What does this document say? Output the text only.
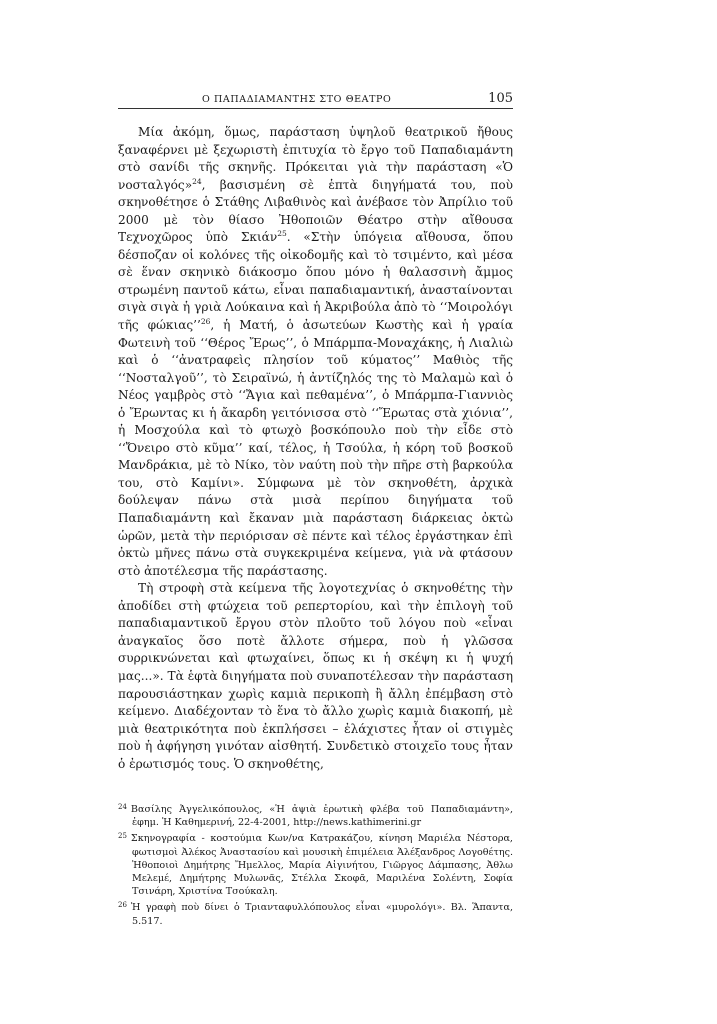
Ο ΠΑΠΑΔΙΑΜΑΝΤΗΣ ΣΤΟ ΘΕΑΤΡΟ	105

Μία ἀκόμη, ὅμως, παράσταση ὑψηλοῦ θεατρικοῦ ἤθους ξαναφέρνει μὲ ξεχωριστὴ ἐπιτυχία τὸ ἔργο τοῦ Παπαδιαμάντη στὸ σανίδι τῆς σκηνῆς. Πρόκειται γιὰ τὴν παράσταση «Ὁ νοσταλγός»$^{24}$, βασισμένη σὲ ἑπτὰ διηγήματά του, ποὺ σκηνοθέτησε ὁ Στάθης Λιβαθινὸς καὶ ἀνέβασε τὸν Ἀπρίλιο τοῦ 2000 μὲ τὸν θίασο Ἠθοποιῶν Θέατρο στὴν αἴθουσα Τεχνοχῶρος ὑπὸ Σκιάν$^{25}$. «Στὴν ὑπόγεια αἴθουσα, ὅπου δέσποζαν οἱ κολόνες τῆς οἰκοδομῆς καὶ τὸ τσιμέντο, καὶ μέσα σὲ ἕναν σκηνικὸ διάκοσμο ὅπου μόνο ἡ θαλασσινὴ ἄμμος στρωμένη παντοῦ κάτω, εἶναι παπαδιαμαντική, ἀνασταίνονται σιγὰ σιγὰ ἡ γριὰ Λούκαινα καὶ ἡ Ἀκριβούλα ἀπὸ τὸ ‘‘Μοιρολόγι τῆς φώκιας’’$^{26}$, ἡ Ματή, ὁ ἀσωτεύων Κωστὴς καὶ ἡ γραία Φωτεινὴ τοῦ ‘‘Θέρος Ἔρως’’, ὁ Μπάρμπα-Μοναχάκης, ἡ Λιαλιὼ καὶ ὁ ‘‘ἀνατραφεὶς πλησίον τοῦ κύματος’’ Μαθιὸς τῆς ‘‘Νοσταλγοῦ’’, τὸ Σειραϊνώ, ἡ ἀντίζηλός της τὸ Μαλαμὼ καὶ ὁ Νέος γαμβρὸς στὸ ‘‘Ἄγια καὶ πεθαμένα’’, ὁ Μπάρμπα-Γιαννιὸς ὁ Ἔρωντας κι ἡ ἄκαρδη γειτόνισσα στὸ ‘‘Ἔρωτας στὰ χιόνια’’, ἡ Μοσχούλα καὶ τὸ φτωχὸ βοσκόπουλο ποὺ τὴν εἶδε στὸ ‘‘Ὄνειρο στὸ κῦμα’’ καί, τέλος, ἡ Τσούλα, ἡ κόρη τοῦ βοσκοῦ Μανδράκια, μὲ τὸ Νίκο, τὸν ναύτη ποὺ τὴν πῆρε στὴ βαρκούλα του, στὸ Καμίνι». Σύμφωνα μὲ τὸν σκηνοθέτη, ἀρχικὰ δούλεψαν πάνω στὰ μισὰ περίπου διηγήματα τοῦ Παπαδιαμάντη καὶ ἔκαναν μιὰ παράσταση διάρκειας ὀκτὼ ὡρῶν, μετὰ τὴν περιόρισαν σὲ πέντε καὶ τέλος ἐργάστηκαν ἐπὶ ὀκτὼ μῆνες πάνω στὰ συγκεκριμένα κείμενα, γιὰ νὰ φτάσουν στὸ ἀποτέλεσμα τῆς παράστασης.

Τὴ στροφὴ στὰ κείμενα τῆς λογοτεχνίας ὁ σκηνοθέτης τὴν ἀποδίδει στὴ φτώχεια τοῦ ρεπερτορίου, καὶ τὴν ἐπιλογὴ τοῦ παπαδιαμαντικοῦ ἔργου στὸν πλοῦτο τοῦ λόγου ποὺ «εἶναι ἀναγκαῖος ὅσο ποτὲ ἄλλοτε σήμερα, ποὺ ἡ γλῶσσα συρρικνώνεται καὶ φτωχαίνει, ὅπως κι ἡ σκέψη κι ἡ ψυχή μας...». Τὰ ἑφτὰ διηγήματα ποὺ συναποτέλεσαν τὴν παράσταση παρουσιάστηκαν χωρὶς καμιὰ περικοπὴ ἢ ἄλλη ἐπέμβαση στὸ κείμενο. Διαδέχονταν τὸ ἕνα τὸ ἄλλο χωρὶς καμιὰ διακοπή, μὲ μιὰ θεατρικότητα ποὺ ἐκπλήσσει – ἐλάχιστες ἦταν οἱ στιγμὲς ποὺ ἡ ἀφήγηση γινόταν αἰσθητή. Συνδετικὸ στοιχεῖο τους ἦταν ὁ ἐρωτισμός τους. Ὁ σκηνοθέτης,

$^{24}$ Βασίλης Ἀγγελικόπουλος, «Ἡ ἀψιὰ ἐρωτικὴ φλέβα τοῦ Παπαδιαμάντη», ἐφημ. Ἡ Καθημερινή, 22-4-2001, http://news.kathimerini.gr

$^{25}$ Σκηνογραφία - κοστούμια Κων/να Κατρακάζου, κίνηση Μαριέλα Νέστορα, φωτισμοὶ Ἀλέκος Ἀναστασίου καὶ μουσικὴ ἐπιμέλεια Ἀλέξανδρος Λογοθέτης. Ἠθοποιοὶ Δημήτρης Ἤμελλος, Μαρία Αἰγινήτου, Γιῶργος Δάμπασης, Ἀθλω Μελεμέ, Δημήτρης Μυλωνᾶς, Στέλλα Σκοφᾶ, Μαριλένα Σολέντη, Σοφία Τσινάρη, Χριστίνα Τσούκαλη.

$^{26}$ Ἡ γραφὴ ποὺ δίνει ὁ Τριανταφυλλόπουλος εἶναι «μυρολόγι». Βλ. Ἅπαντα, 5.517.
